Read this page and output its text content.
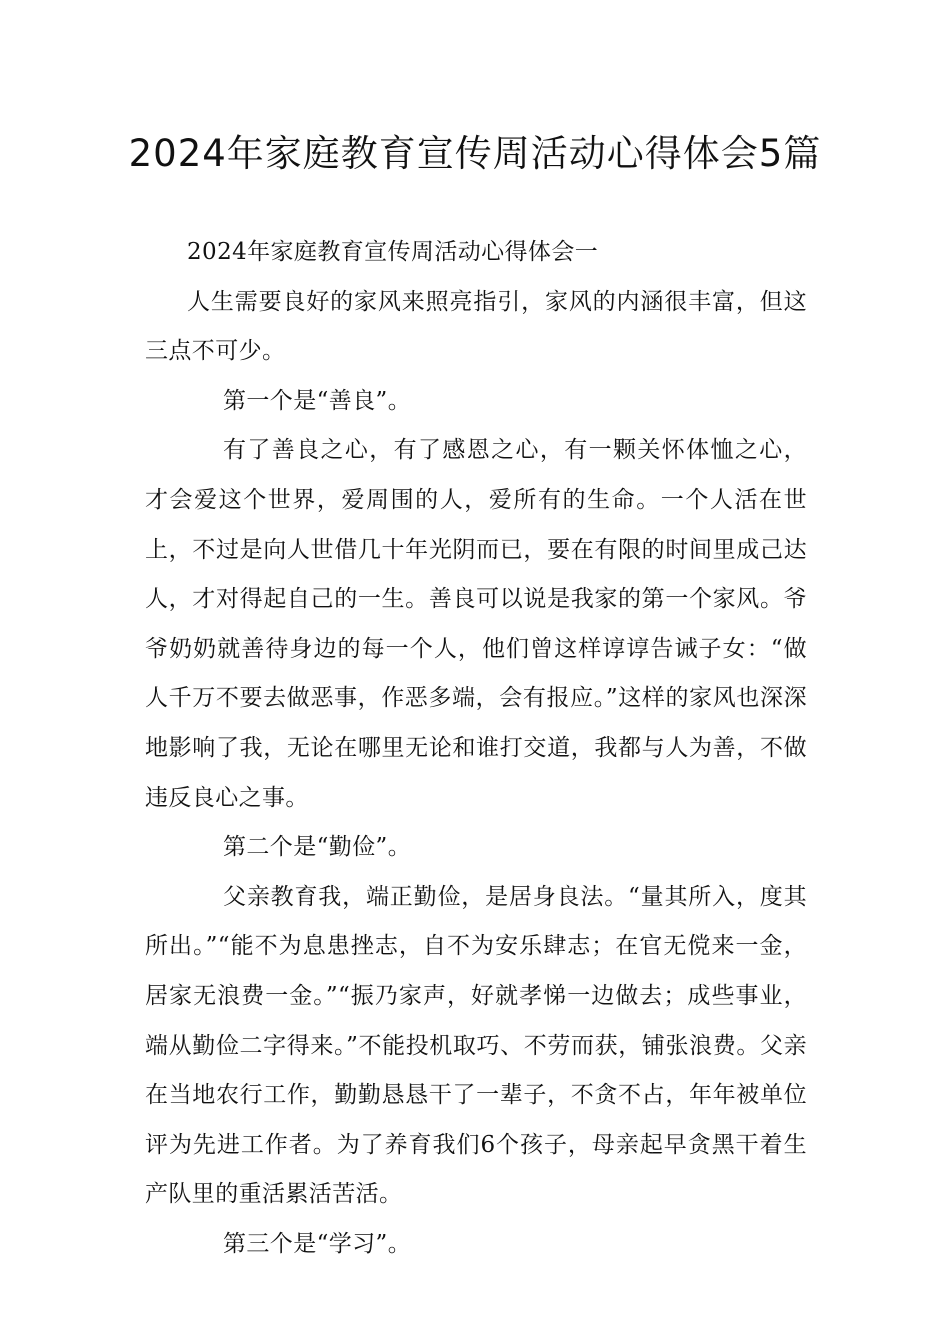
2024年家庭教育宣传周活动心得体会5篇

2024年家庭教育宣传周活动心得体会一

人生需要良好的家风来照亮指引，家风的内涵很丰富，但这三点不可少。

第一个是“善良”。

有了善良之心，有了感恩之心，有一颗关怀体恤之心，才会爱这个世界，爱周围的人，爱所有的生命。一个人活在世上，不过是向人世借几十年光阴而已，要在有限的时间里成己达人，才对得起自己的一生。善良可以说是我家的第一个家风。爷爷奶奶就善待身边的每一个人，他们曾这样谆谆告诫子女：“做人千万不要去做恶事，作恶多端，会有报应。”这样的家风也深深地影响了我，无论在哪里无论和谁打交道，我都与人为善，不做违反良心之事。

第二个是“勤俭”。

父亲教育我，端正勤俭，是居身良法。“量其所入，度其所出。”“能不为息患挫志，自不为安乐肆志；在官无傥来一金，居家无浪费一金。”“振乃家声，好就孝悌一边做去；成些事业，端从勤俭二字得来。”不能投机取巧、不劳而获，铺张浪费。父亲在当地农行工作，勤勤恳恳干了一辈子，不贪不占，年年被单位评为先进工作者。为了养育我们6个孩子，母亲起早贪黑干着生产队里的重活累活苦活。

第三个是“学习”。
